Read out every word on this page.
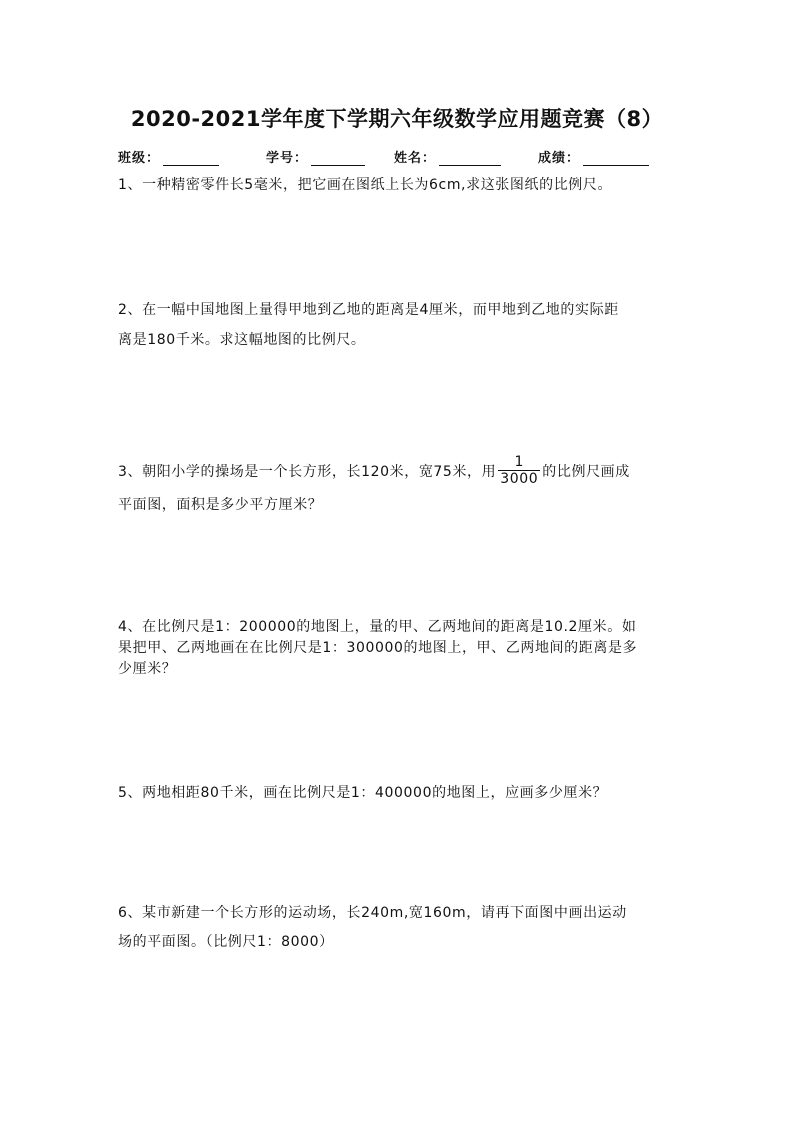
2020-2021学年度下学期六年级数学应用题竞赛（8）
班级：	学号：	姓名：	成绩：
1、一种精密零件长5毫米，把它画在图纸上长为6cm,求这张图纸的比例尺。
2、在一幅中国地图上量得甲地到乙地的距离是4厘米，而甲地到乙地的实际距
离是180千米。求这幅地图的比例尺。
3、朝阳小学的操场是一个长方形，长120米，宽75米，用 $\frac{1}{3000}$ 的比例尺画成
平面图，面积是多少平方厘米？
4、在比例尺是1：200000的地图上，量的甲、乙两地间的距离是10.2厘米。如
果把甲、乙两地画在在比例尺是1：300000的地图上，甲、乙两地间的距离是多
少厘米？
5、两地相距80千米，画在比例尺是1：400000的地图上，应画多少厘米？
6、某市新建一个长方形的运动场，长240m,宽160m，请再下面图中画出运动
场的平面图。（比例尺1：8000）
